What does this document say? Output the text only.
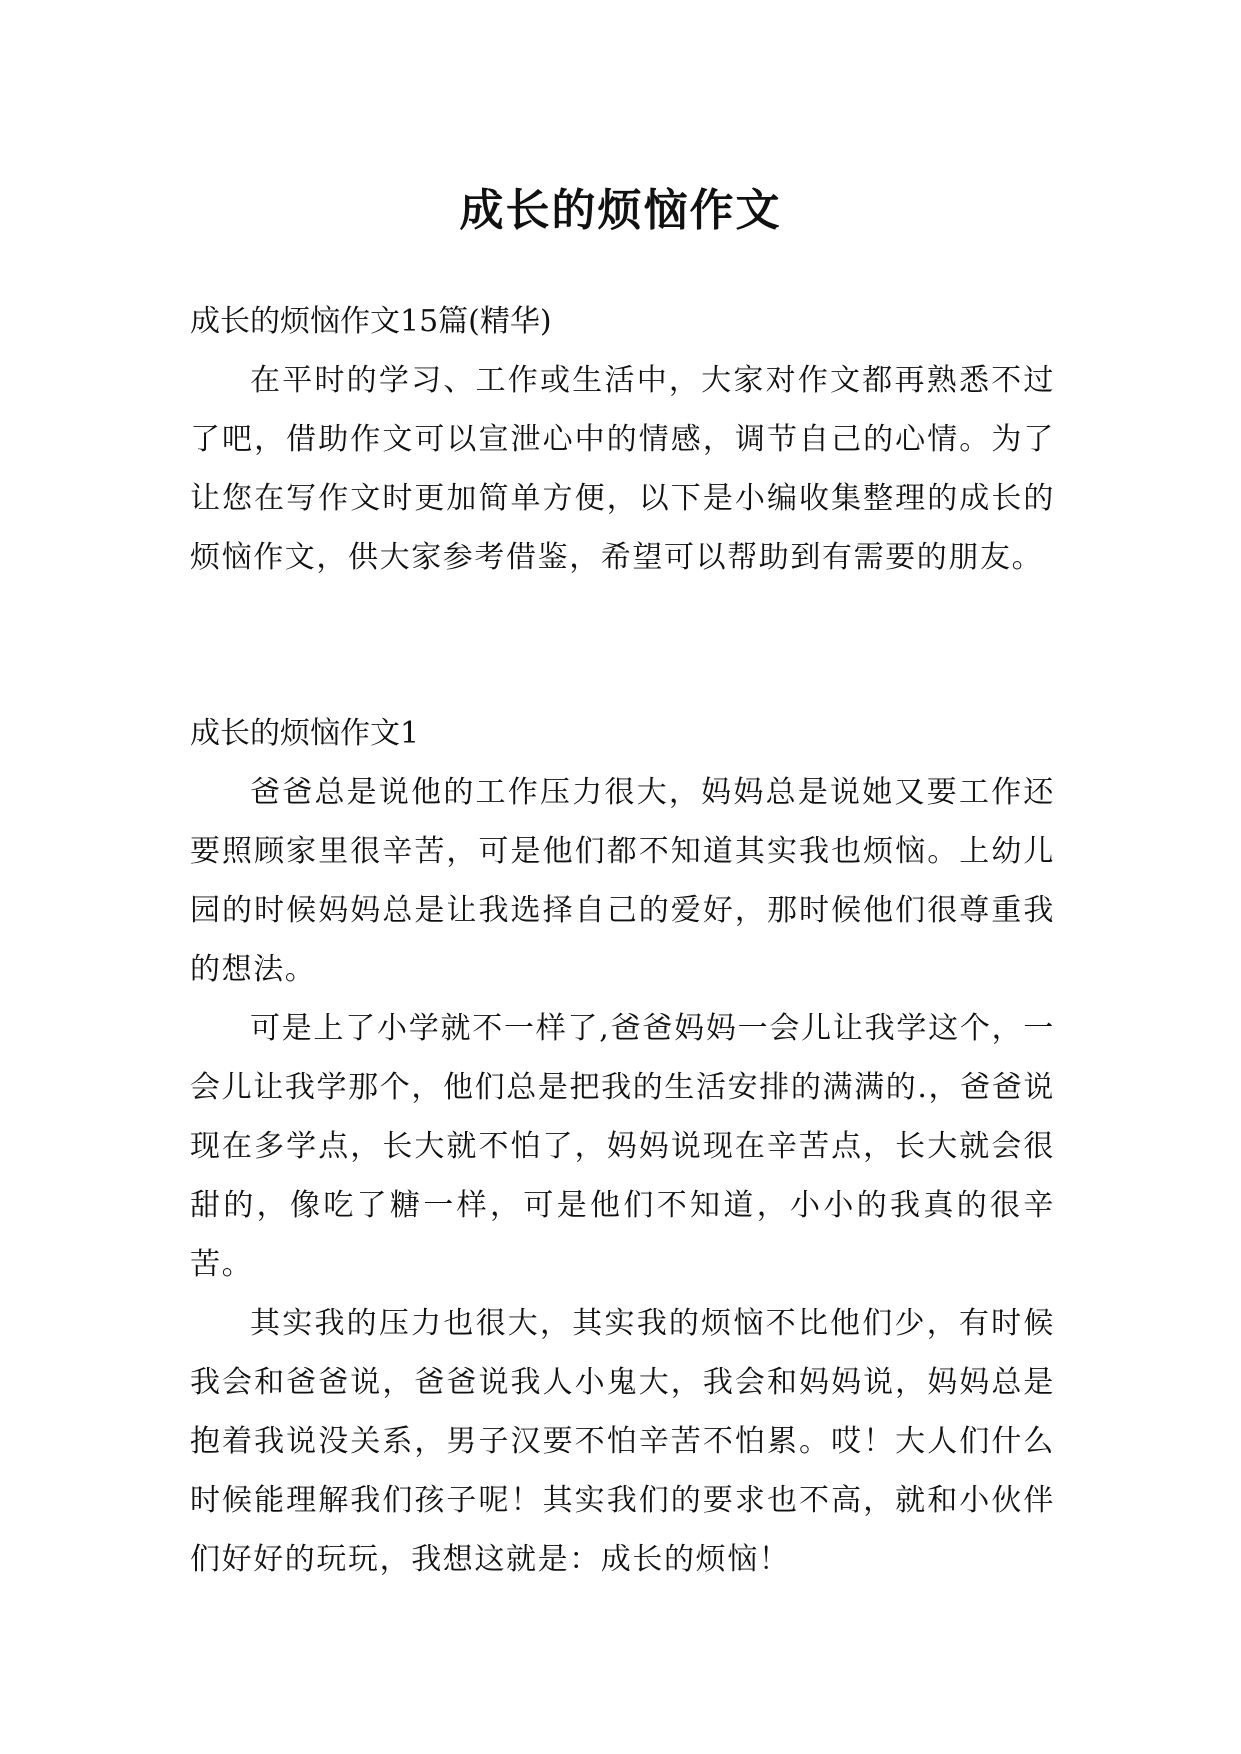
成长的烦恼作文

成长的烦恼作文15篇(精华)

在平时的学习、工作或生活中，大家对作文都再熟悉不过了吧，借助作文可以宣泄心中的情感，调节自己的心情。为了让您在写作文时更加简单方便，以下是小编收集整理的成长的烦恼作文，供大家参考借鉴，希望可以帮助到有需要的朋友。

成长的烦恼作文1

爸爸总是说他的工作压力很大，妈妈总是说她又要工作还要照顾家里很辛苦，可是他们都不知道其实我也烦恼。上幼儿园的时候妈妈总是让我选择自己的爱好，那时候他们很尊重我的想法。

可是上了小学就不一样了,爸爸妈妈一会儿让我学这个，一会儿让我学那个，他们总是把我的生活安排的满满的.，爸爸说现在多学点，长大就不怕了，妈妈说现在辛苦点，长大就会很甜的，像吃了糖一样，可是他们不知道，小小的我真的很辛苦。

其实我的压力也很大，其实我的烦恼不比他们少，有时候我会和爸爸说，爸爸说我人小鬼大，我会和妈妈说，妈妈总是抱着我说没关系，男子汉要不怕辛苦不怕累。哎！大人们什么时候能理解我们孩子呢！其实我们的要求也不高，就和小伙伴们好好的玩玩，我想这就是：成长的烦恼！
